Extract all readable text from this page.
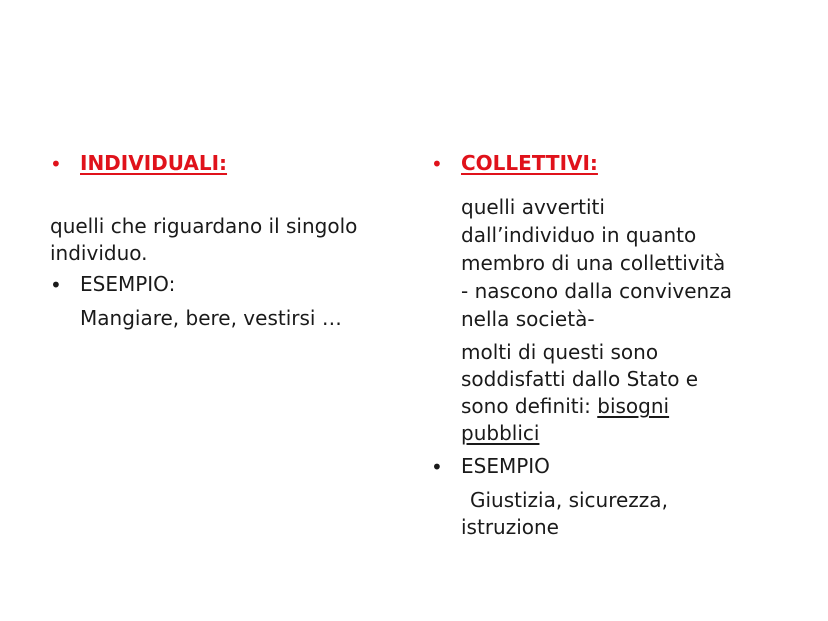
• INDIVIDUALI:
quelli che riguardano il singolo
individuo.
• ESEMPIO:
Mangiare, bere, vestirsi …
• COLLETTIVI:
quelli avvertiti
dall’individuo in quanto
membro di una collettività
- nascono dalla convivenza
nella società-
molti di questi sono
soddisfatti dallo Stato e
sono definiti: bisogni
pubblici
• ESEMPIO
Giustizia, sicurezza,
istruzione
